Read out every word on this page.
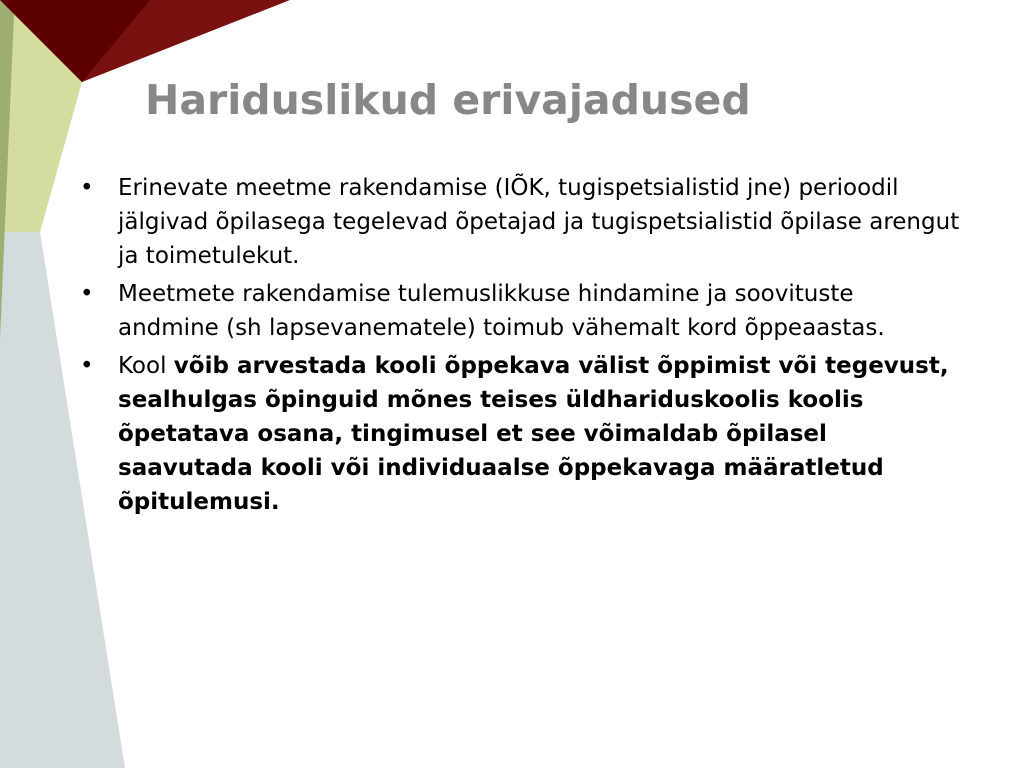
Hariduslikud erivajadused
• Erinevate meetme rakendamise (IÕK, tugispetsialistid jne) perioodil jälgivad õpilasega tegelevad õpetajad ja tugispetsialistid õpilase arengut ja toimetulekut.
• Meetmete rakendamise tulemuslikkuse hindamine ja soovituste andmine (sh lapsevanematele) toimub vähemalt kord õppeaastas.
• Kool võib arvestada kooli õppekava välist õppimist või tegevust, sealhulgas õpinguid mõnes teises üldhariduskoolis koolis õpetatava osana, tingimusel et see võimaldab õpilasel saavutada kooli või individuaalse õppekavaga määratletud õpitulemusi.
